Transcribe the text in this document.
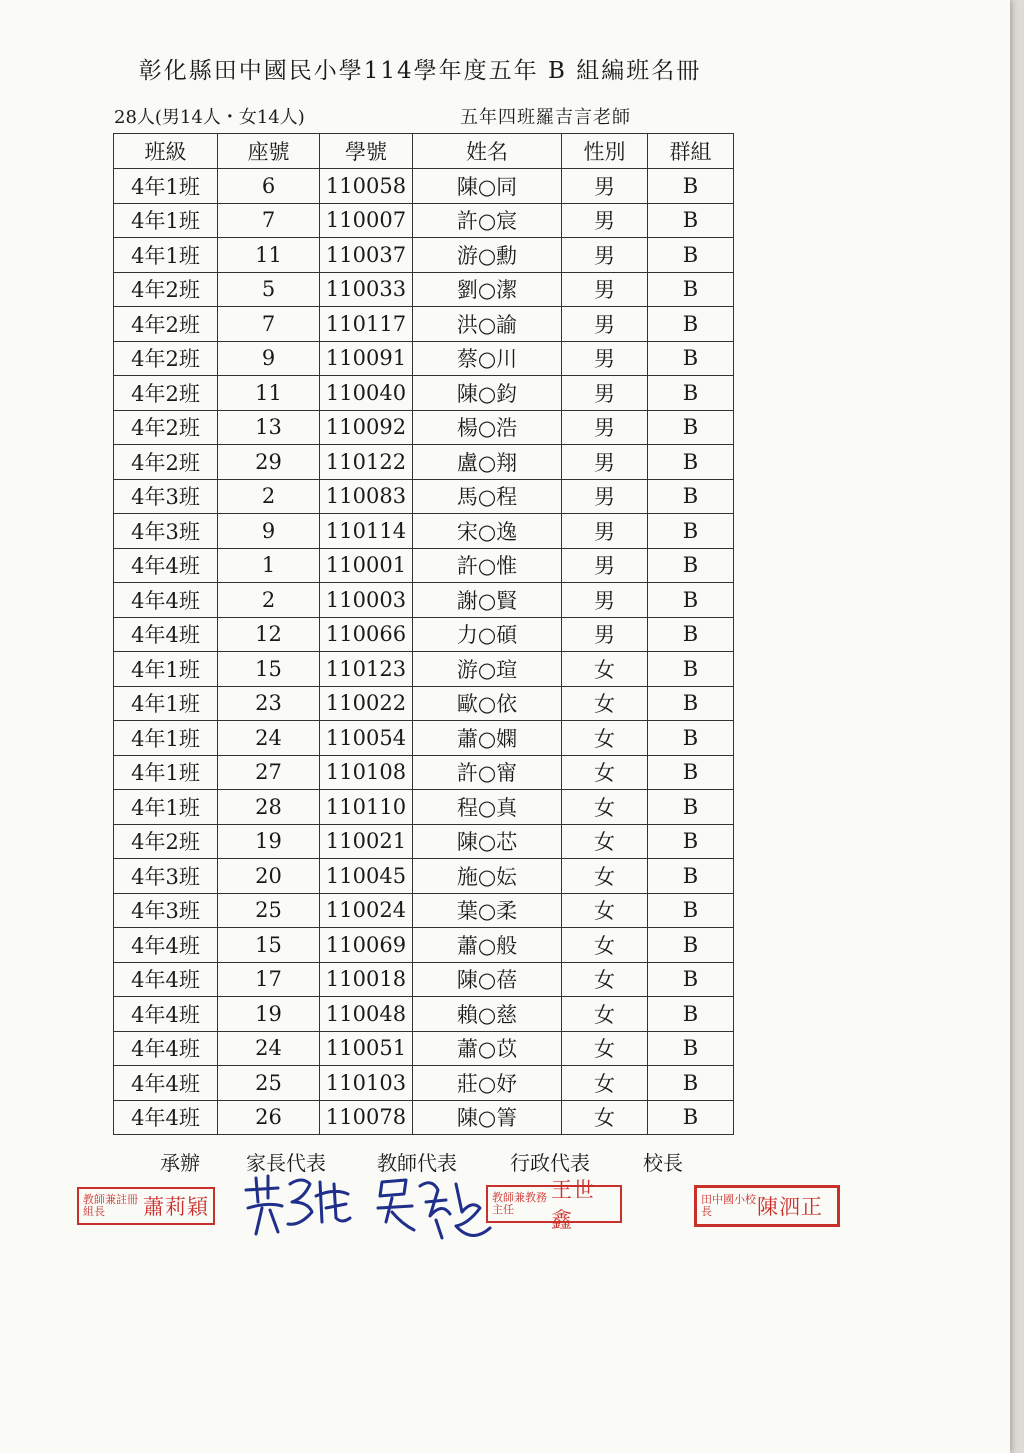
彰化縣田中國民小學114學年度五年 B 組編班名冊
28人(男14人・女14人)	五年四班羅吉言老師
班級	座號	學號	姓名	性別	群組
4年1班	6	110058	陳○同	男	B
4年1班	7	110007	許○宸	男	B
4年1班	11	110037	游○勳	男	B
4年2班	5	110033	劉○潔	男	B
4年2班	7	110117	洪○諭	男	B
4年2班	9	110091	蔡○川	男	B
4年2班	11	110040	陳○鈞	男	B
4年2班	13	110092	楊○浩	男	B
4年2班	29	110122	盧○翔	男	B
4年3班	2	110083	馬○程	男	B
4年3班	9	110114	宋○逸	男	B
4年4班	1	110001	許○惟	男	B
4年4班	2	110003	謝○賢	男	B
4年4班	12	110066	力○碩	男	B
4年1班	15	110123	游○瑄	女	B
4年1班	23	110022	歐○依	女	B
4年1班	24	110054	蕭○嫻	女	B
4年1班	27	110108	許○甯	女	B
4年1班	28	110110	程○真	女	B
4年2班	19	110021	陳○芯	女	B
4年3班	20	110045	施○妘	女	B
4年3班	25	110024	葉○柔	女	B
4年4班	15	110069	蕭○般	女	B
4年4班	17	110018	陳○蓓	女	B
4年4班	19	110048	賴○慈	女	B
4年4班	24	110051	蕭○苡	女	B
4年4班	25	110103	莊○妤	女	B
4年4班	26	110078	陳○箐	女	B
承辦	家長代表	教師代表	行政代表	校長
教師兼註冊組長	蕭莉穎	教師兼教務主任
王世鑫
田中國小校長	陳泗正
